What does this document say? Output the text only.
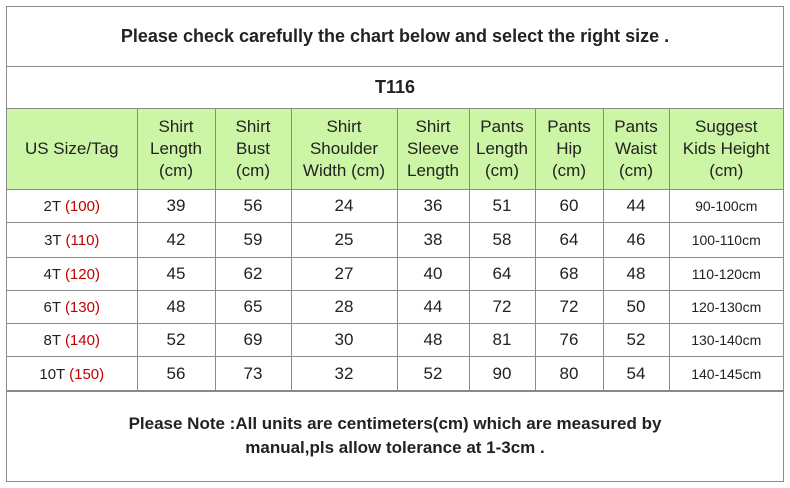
Please check carefully the chart below and select the right size .
T116
US Size/Tag	Shirt
Length
(cm)	Shirt
Bust
(cm)	Shirt
Shoulder
Width (cm)	Shirt
Sleeve
Length	Pants
Length
(cm)	Pants
Hip
(cm)	Pants
Waist
(cm)	Suggest
Kids Height
(cm)
2T (100)	39	56	24	36	51	60	44	90-100cm
3T (110)	42	59	25	38	58	64	46	100-110cm
4T (120)	45	62	27	40	64	68	48	110-120cm
6T (130)	48	65	28	44	72	72	50	120-130cm
8T (140)	52	69	30	48	81	76	52	130-140cm
10T (150)	56	73	32	52	90	80	54	140-145cm
Please Note :All units are centimeters(cm) which are measured by
manual,pls allow tolerance at 1-3cm .
